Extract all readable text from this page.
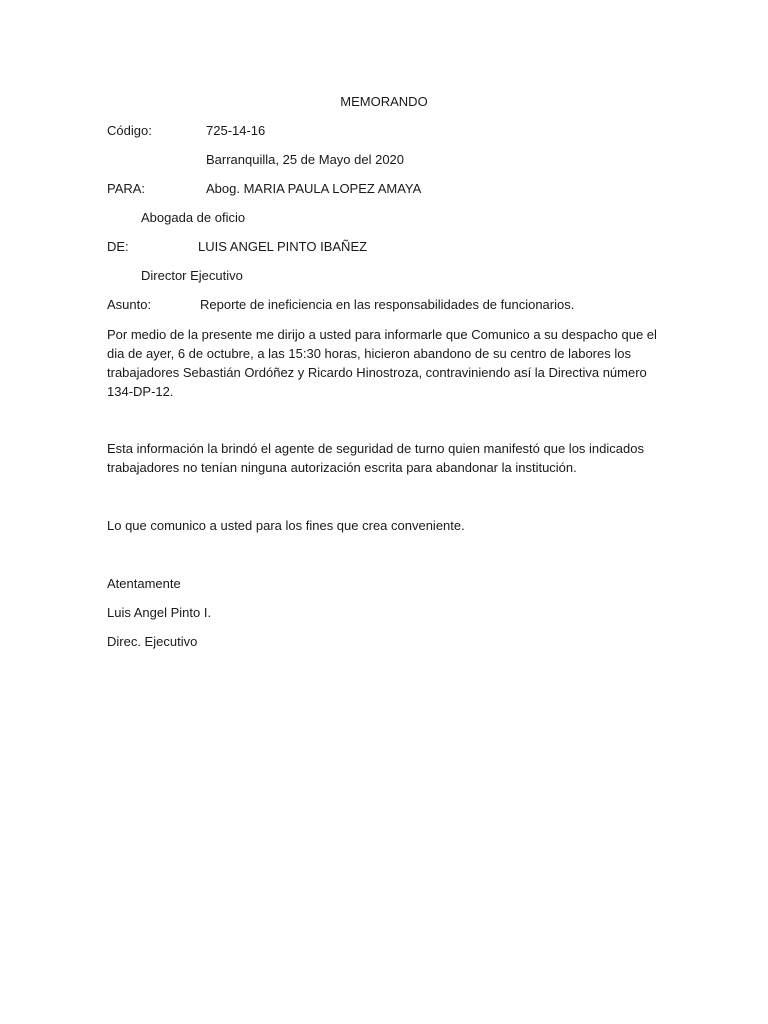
MEMORANDO
Código:	725-14-16
Barranquilla, 25 de Mayo del 2020
PARA:	Abog. MARIA PAULA LOPEZ AMAYA
Abogada de oficio
DE:	LUIS ANGEL PINTO IBAÑEZ
Director Ejecutivo
Asunto:	Reporte de ineficiencia en las responsabilidades de funcionarios.
Por medio de la presente me dirijo a usted para informarle que Comunico a su despacho que el dia de ayer, 6 de octubre, a las 15:30 horas, hicieron abandono de su centro de labores los trabajadores Sebastián Ordóñez y Ricardo Hinostroza, contraviniendo así la Directiva número 134-DP-12.
Esta información la brindó el agente de seguridad de turno quien manifestó que los indicados trabajadores no tenían ninguna autorización escrita para abandonar la institución.
Lo que comunico a usted para los fines que crea conveniente.
Atentamente
Luis Angel Pinto I.
Direc. Ejecutivo
